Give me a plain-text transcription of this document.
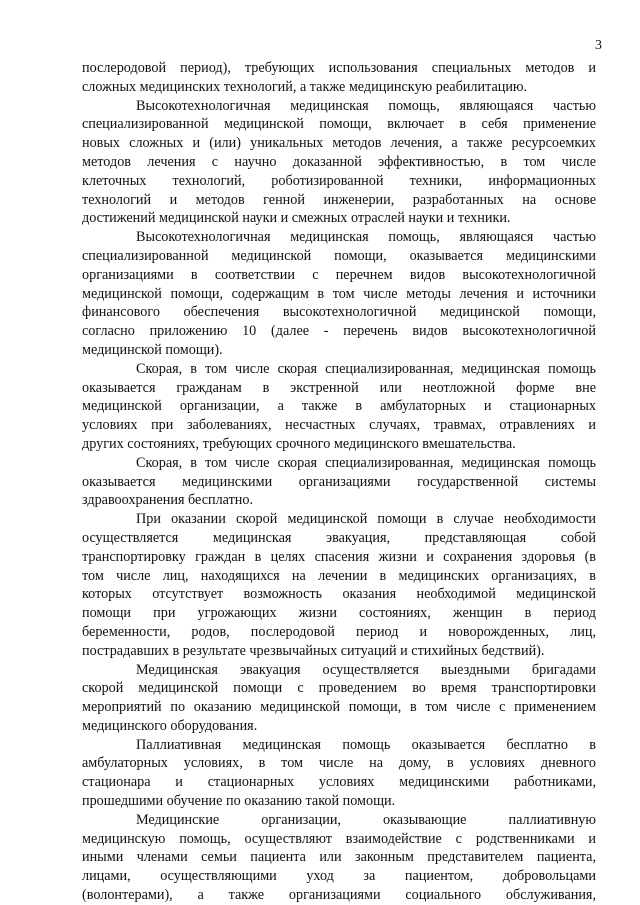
3
послеродовой период), требующих использования специальных методов и
сложных медицинских технологий, а также медицинскую реабилитацию.
Высокотехнологичная медицинская помощь, являющаяся частью
специализированной медицинской помощи, включает в себя применение
новых сложных и (или) уникальных методов лечения, а также ресурсоемких
методов лечения с научно доказанной эффективностью, в том числе
клеточных технологий, роботизированной техники, информационных
технологий и методов генной инженерии, разработанных на основе
достижений медицинской науки и смежных отраслей науки и техники.
Высокотехнологичная медицинская помощь, являющаяся частью
специализированной медицинской помощи, оказывается медицинскими
организациями в соответствии с перечнем видов высокотехнологичной
медицинской помощи, содержащим в том числе методы лечения и источники
финансового обеспечения высокотехнологичной медицинской помощи,
согласно приложению 10 (далее - перечень видов высокотехнологичной
медицинской помощи).
Скорая, в том числе скорая специализированная, медицинская помощь
оказывается гражданам в экстренной или неотложной форме вне
медицинской организации, а также в амбулаторных и стационарных
условиях при заболеваниях, несчастных случаях, травмах, отравлениях и
других состояниях, требующих срочного медицинского вмешательства.
Скорая, в том числе скорая специализированная, медицинская помощь
оказывается медицинскими организациями государственной системы
здравоохранения бесплатно.
При оказании скорой медицинской помощи в случае необходимости
осуществляется медицинская эвакуация, представляющая собой
транспортировку граждан в целях спасения жизни и сохранения здоровья (в
том числе лиц, находящихся на лечении в медицинских организациях, в
которых отсутствует возможность оказания необходимой медицинской
помощи при угрожающих жизни состояниях, женщин в период
беременности, родов, послеродовой период и новорожденных, лиц,
пострадавших в результате чрезвычайных ситуаций и стихийных бедствий).
Медицинская эвакуация осуществляется выездными бригадами
скорой медицинской помощи с проведением во время транспортировки
мероприятий по оказанию медицинской помощи, в том числе с применением
медицинского оборудования.
Паллиативная медицинская помощь оказывается бесплатно в
амбулаторных условиях, в том числе на дому, в условиях дневного
стационара и стационарных условиях медицинскими работниками,
прошедшими обучение по оказанию такой помощи.
Медицинские организации, оказывающие паллиативную
медицинскую помощь, осуществляют взаимодействие с родственниками и
иными членами семьи пациента или законным представителем пациента,
лицами, осуществляющими уход за пациентом, добровольцами
(волонтерами), а также организациями социального обслуживания,
